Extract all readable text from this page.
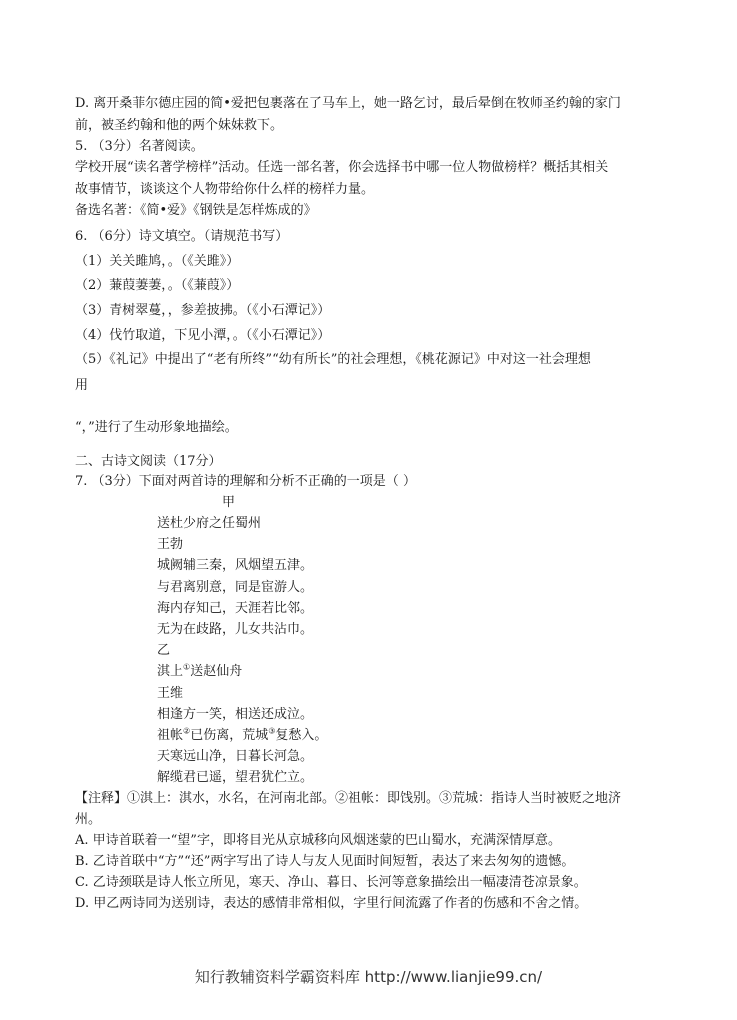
D. 离开桑菲尔德庄园的简•爱把包裹落在了马车上，她一路乞讨，最后晕倒在牧师圣约翰的家门
前，被圣约翰和他的两个妹妹救下。
5. （3分）名著阅读。
学校开展“读名著学榜样”活动。任选一部名著，你会选择书中哪一位人物做榜样？概括其相关
故事情节，谈谈这个人物带给你什么样的榜样力量。
备选名著：《简•爱》《钢铁是怎样炼成的》
6. （6分）诗文填空。（请规范书写）
（1）关关雎鸠，。（《关雎》）
（2）蒹葭萋萋，。（《蒹葭》）
（3）青树翠蔓，，参差披拂。（《小石潭记》）
（4）伐竹取道，下见小潭，。（《小石潭记》）
（5）《礼记》中提出了“老有所终”“幼有所长”的社会理想，《桃花源记》中对这一社会理想
用
“，”进行了生动形象地描绘。
二、古诗文阅读（17分）
7. （3分）下面对两首诗的理解和分析不正确的一项是（ ）
甲
送杜少府之任蜀州
王勃
城阙辅三秦，风烟望五津。
与君离别意，同是宦游人。
海内存知己，天涯若比邻。
无为在歧路，儿女共沾巾。
乙
淇上①送赵仙舟
王维
相逢方一笑，相送还成泣。
祖帐②已伤离，荒城③复愁入。
天寒远山净，日暮长河急。
解缆君已遥，望君犹伫立。
【注释】①淇上：淇水，水名，在河南北部。②祖帐：即饯别。③荒城：指诗人当时被贬之地济
州。
A. 甲诗首联着一“望”字，即将目光从京城移向风烟迷蒙的巴山蜀水，充满深情厚意。
B. 乙诗首联中“方”“还”两字写出了诗人与友人见面时间短暂，表达了来去匆匆的遗憾。
C. 乙诗颈联是诗人怅立所见，寒天、净山、暮日、长河等意象描绘出一幅凄清苍凉景象。
D. 甲乙两诗同为送别诗，表达的感情非常相似，字里行间流露了作者的伤感和不舍之情。
知行教辅资料学霸资料库 http://www.lianjie99.cn/
